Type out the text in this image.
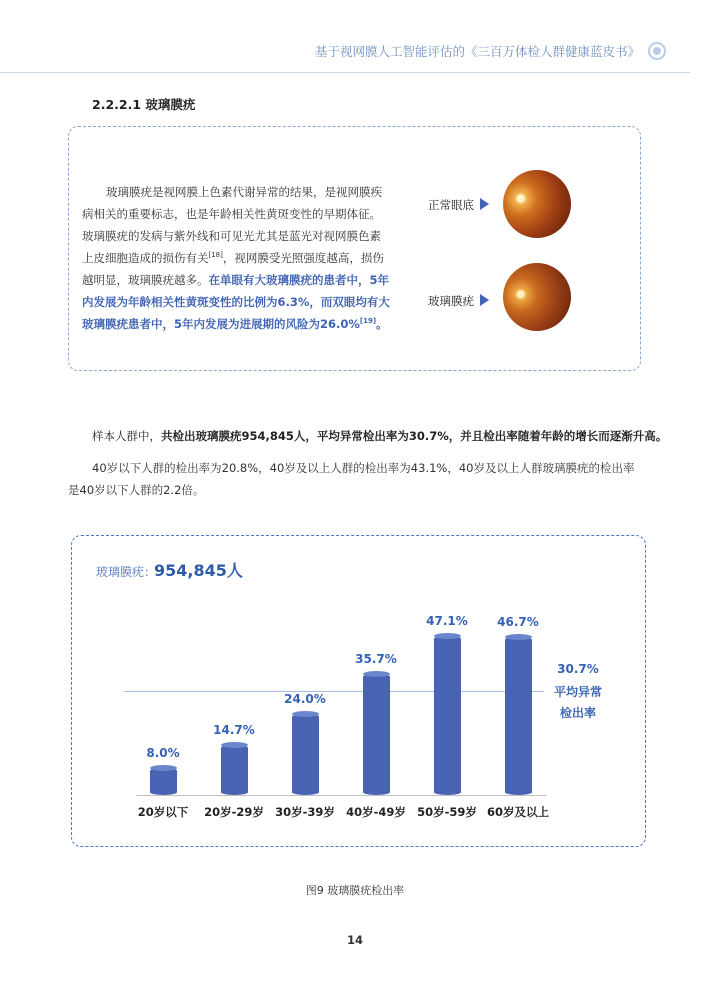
基于视网膜人工智能评估的《三百万体检人群健康蓝皮书》
2.2.2.1 玻璃膜疣
玻璃膜疣是视网膜上色素代谢异常的结果，是视网膜疾病相关的重要标志，也是年龄相关性黄斑变性的早期体征。玻璃膜疣的发病与紫外线和可见光尤其是蓝光对视网膜色素上皮细胞造成的损伤有关[18]，视网膜受光照强度越高，损伤越明显，玻璃膜疣越多。在单眼有大玻璃膜疣的患者中，5年内发展为年龄相关性黄斑变性的比例为6.3%，而双眼均有大玻璃膜疣患者中，5年内发展为进展期的风险为26.0%[19]。
正常眼底
玻璃膜疣
样本人群中，共检出玻璃膜疣954,845人，平均异常检出率为30.7%，并且检出率随着年龄的增长而逐渐升高。
40岁以下人群的检出率为20.8%，40岁及以上人群的检出率为43.1%，40岁及以上人群玻璃膜疣的检出率是40岁以下人群的2.2倍。
玻璃膜疣：
954,845人
30.7%
平均异常检出率
8.0%
20岁以下
14.7%
20岁-29岁
24.0%
30岁-39岁
35.7%
40岁-49岁
47.1%
50岁-59岁
46.7%
60岁及以上
图9 玻璃膜疣检出率
14
